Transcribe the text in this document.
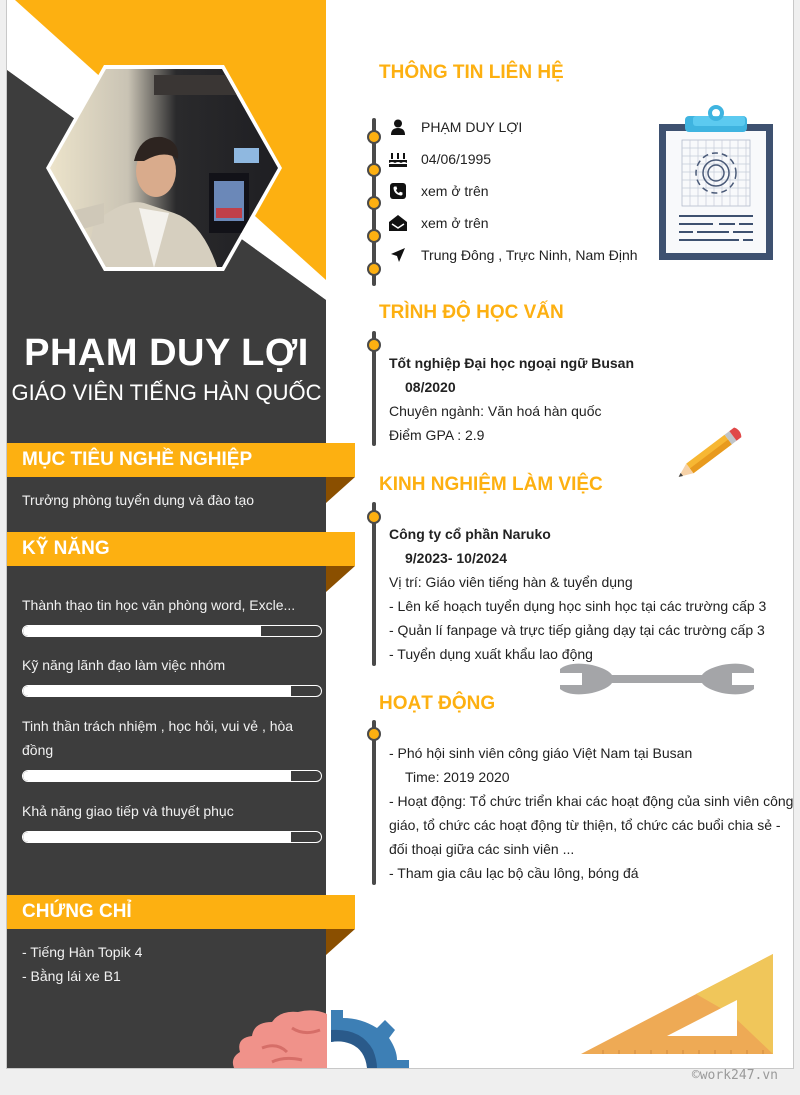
PHẠM DUY LỢI
GIÁO VIÊN TIẾNG HÀN QUỐC
MỤC TIÊU NGHỀ NGHIỆP
Trưởng phòng tuyển dụng và đào tạo
KỸ NĂNG
Thành thạo tin học văn phòng word, Excle...
Kỹ năng lãnh đạo làm việc nhóm
Tinh thần trách nhiệm , học hỏi, vui vẻ , hòa đồng
Khả năng giao tiếp và thuyết phục
CHỨNG CHỈ
- Tiếng Hàn Topik 4
- Bằng lái xe B1
THÔNG TIN LIÊN HỆ
PHẠM DUY LỢI
04/06/1995
xem ở trên
xem ở trên
Trung Đông , Trực Ninh, Nam Định
TRÌNH ĐỘ HỌC VẤN
Tốt nghiệp Đại học ngoại ngữ Busan
08/2020
Chuyên ngành: Văn hoá hàn quốc
Điểm GPA : 2.9
KINH NGHIỆM LÀM VIỆC
Công ty cổ phần Naruko
9/2023- 10/2024
Vị trí: Giáo viên tiếng hàn & tuyển dụng
- Lên kế hoạch tuyển dụng học sinh học tại các trường cấp 3
- Quản lí fanpage và trực tiếp giảng dạy tại các trường cấp 3
- Tuyển dụng xuất khẩu lao động
HOẠT ĐỘNG
- Phó hội sinh viên công giáo Việt Nam tại Busan
Time: 2019 2020
- Hoạt động: Tổ chức triển khai các hoạt động của sinh viên công giáo, tổ chức các hoạt động từ thiện, tổ chức các buổi chia sẻ - đối thoại giữa các sinh viên ...
- Tham gia câu lạc bộ cầu lông, bóng đá
©work247.vn
